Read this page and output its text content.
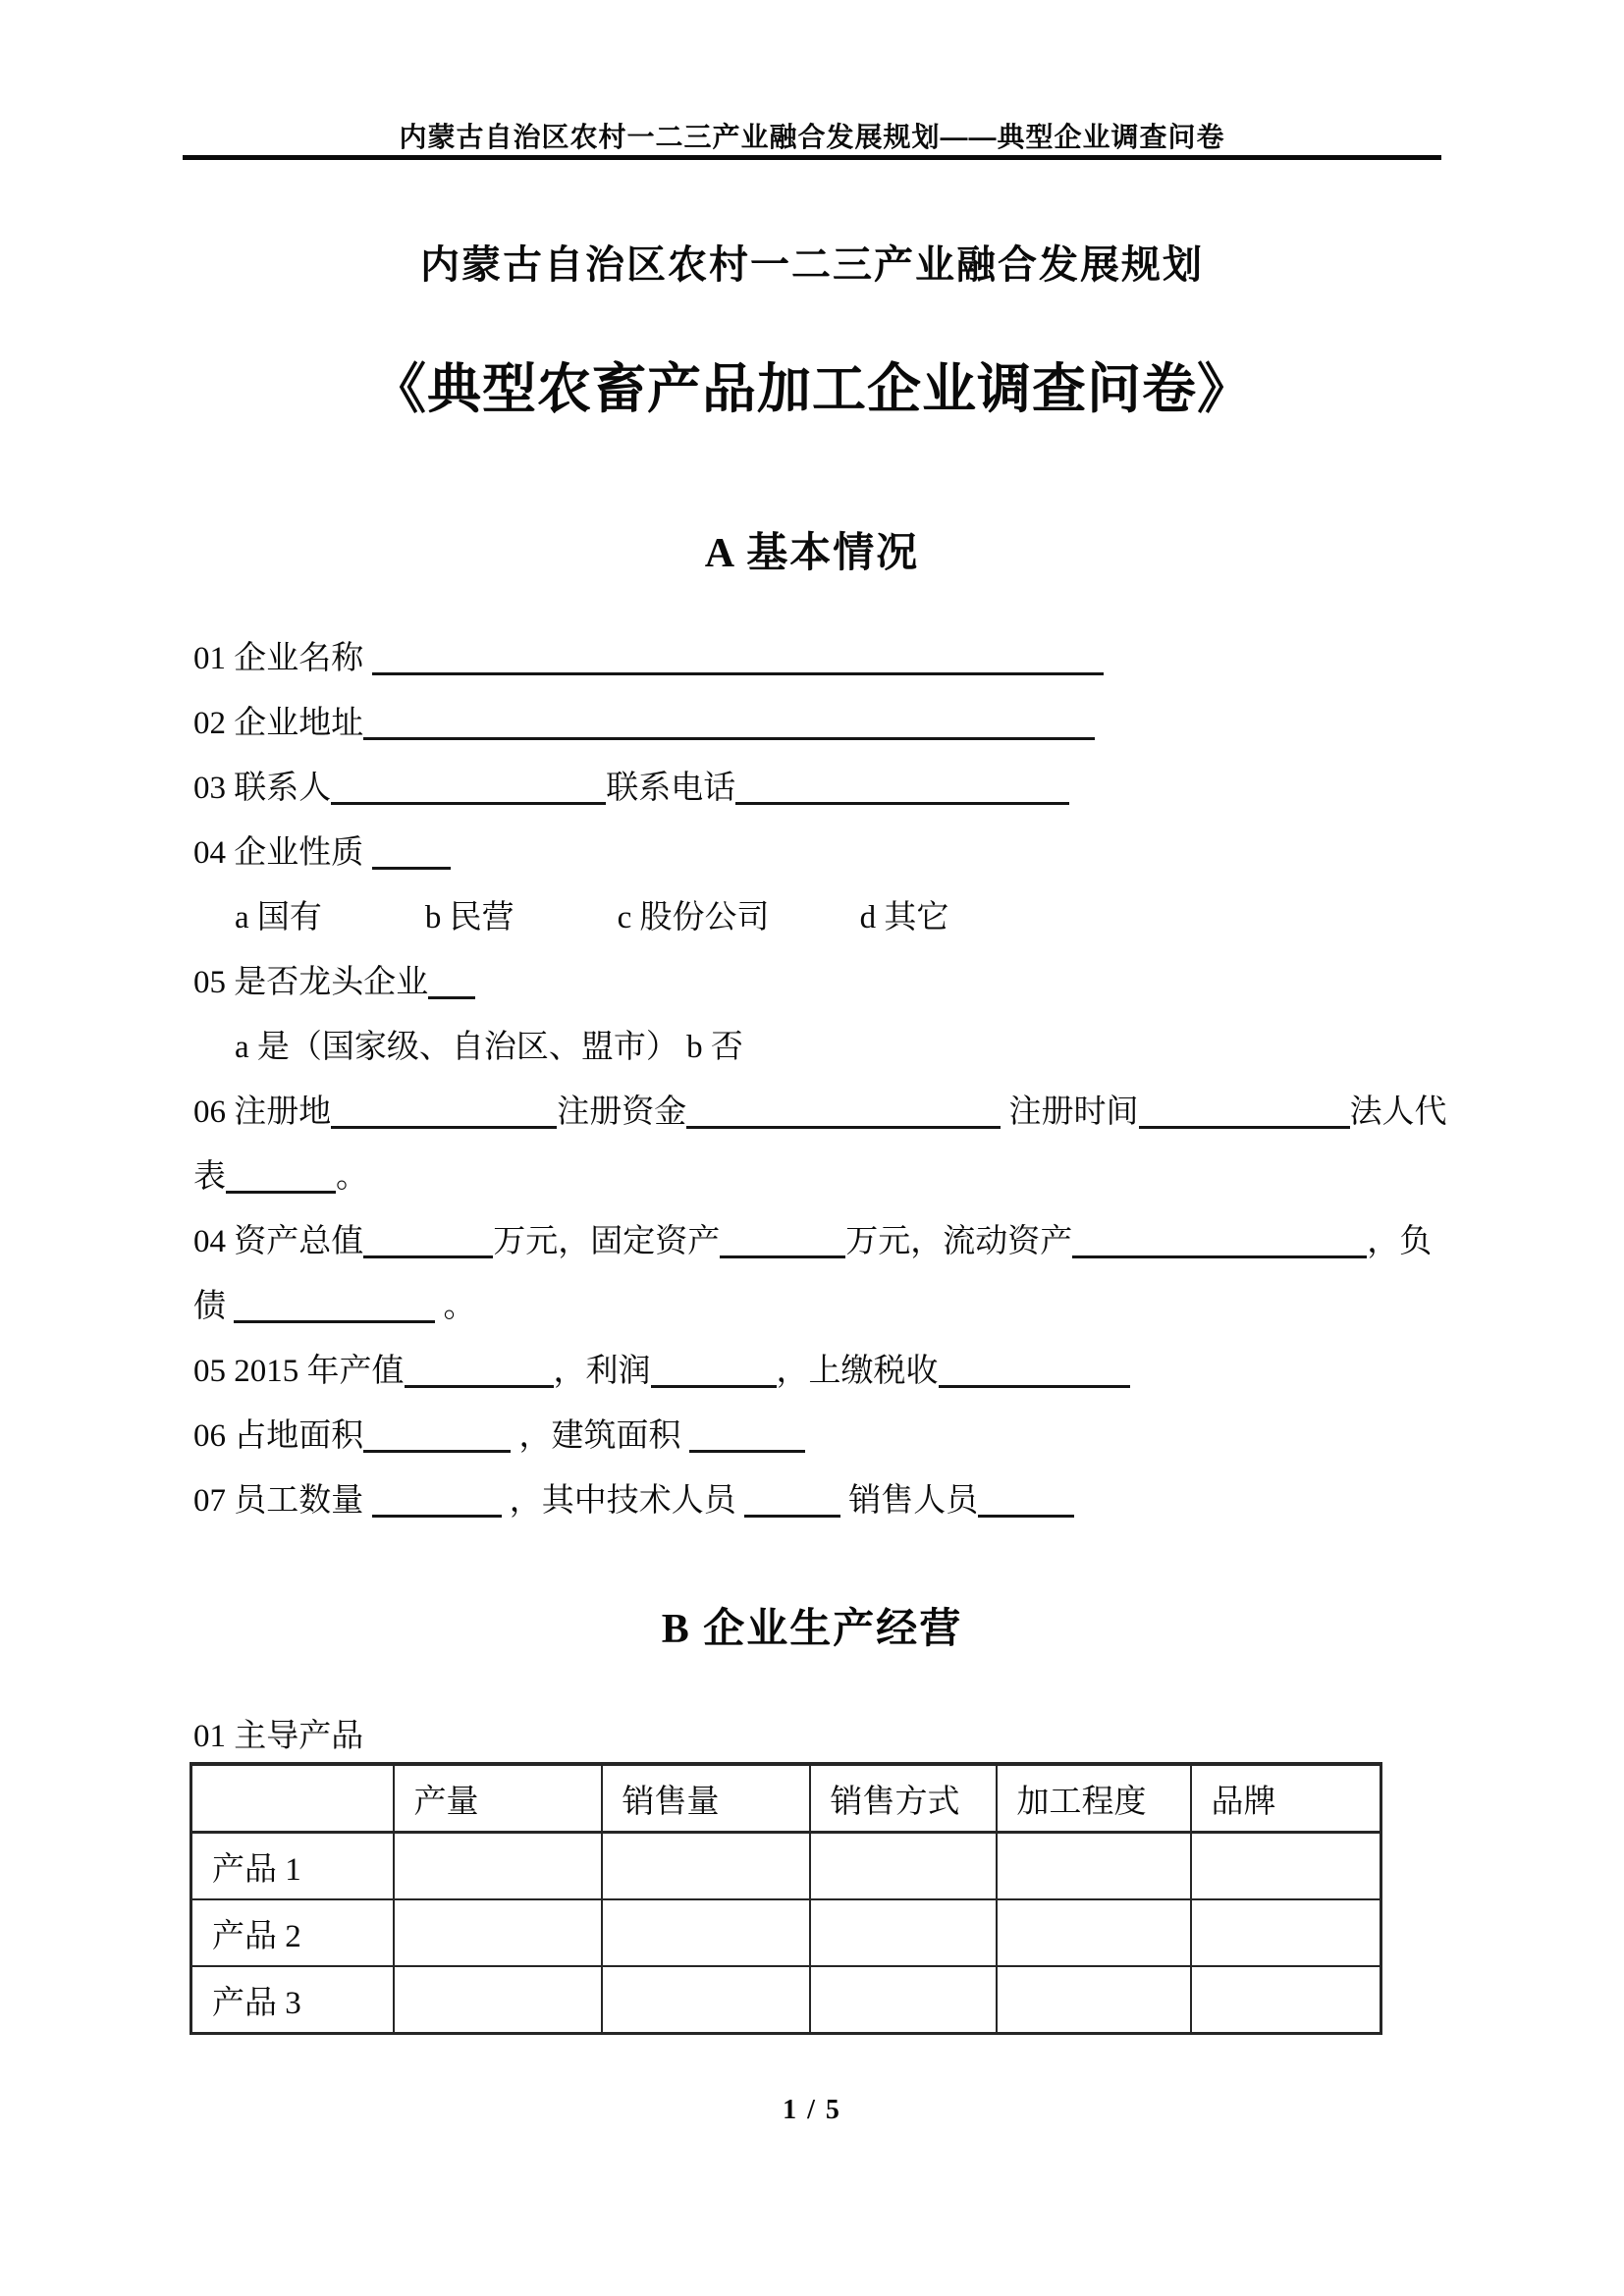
内蒙古自治区农村一二三产业融合发展规划——典型企业调查问卷
内蒙古自治区农村一二三产业融合发展规划
《典型农畜产品加工企业调查问卷》
A 基本情况
01 企业名称
02 企业地址
03 联系人	联系电话
04 企业性质
a 国有	b 民营	c 股份公司	d 其它
05 是否龙头企业
a 是（国家级、自治区、盟市） b 否
06 注册地	注册资金	注册时间	法人代
表	。
04 资产总值	万元，固定资产	万元，流动资产	，负
债	。
05 2015 年产值	，利润	，上缴税收
06 占地面积	，建筑面积
07 员工数量	，其中技术人员	销售人员
B 企业生产经营
01 主导产品
	产量	销售量	销售方式	加工程度	品牌
产品 1					
产品 2					
产品 3					
1 / 5
